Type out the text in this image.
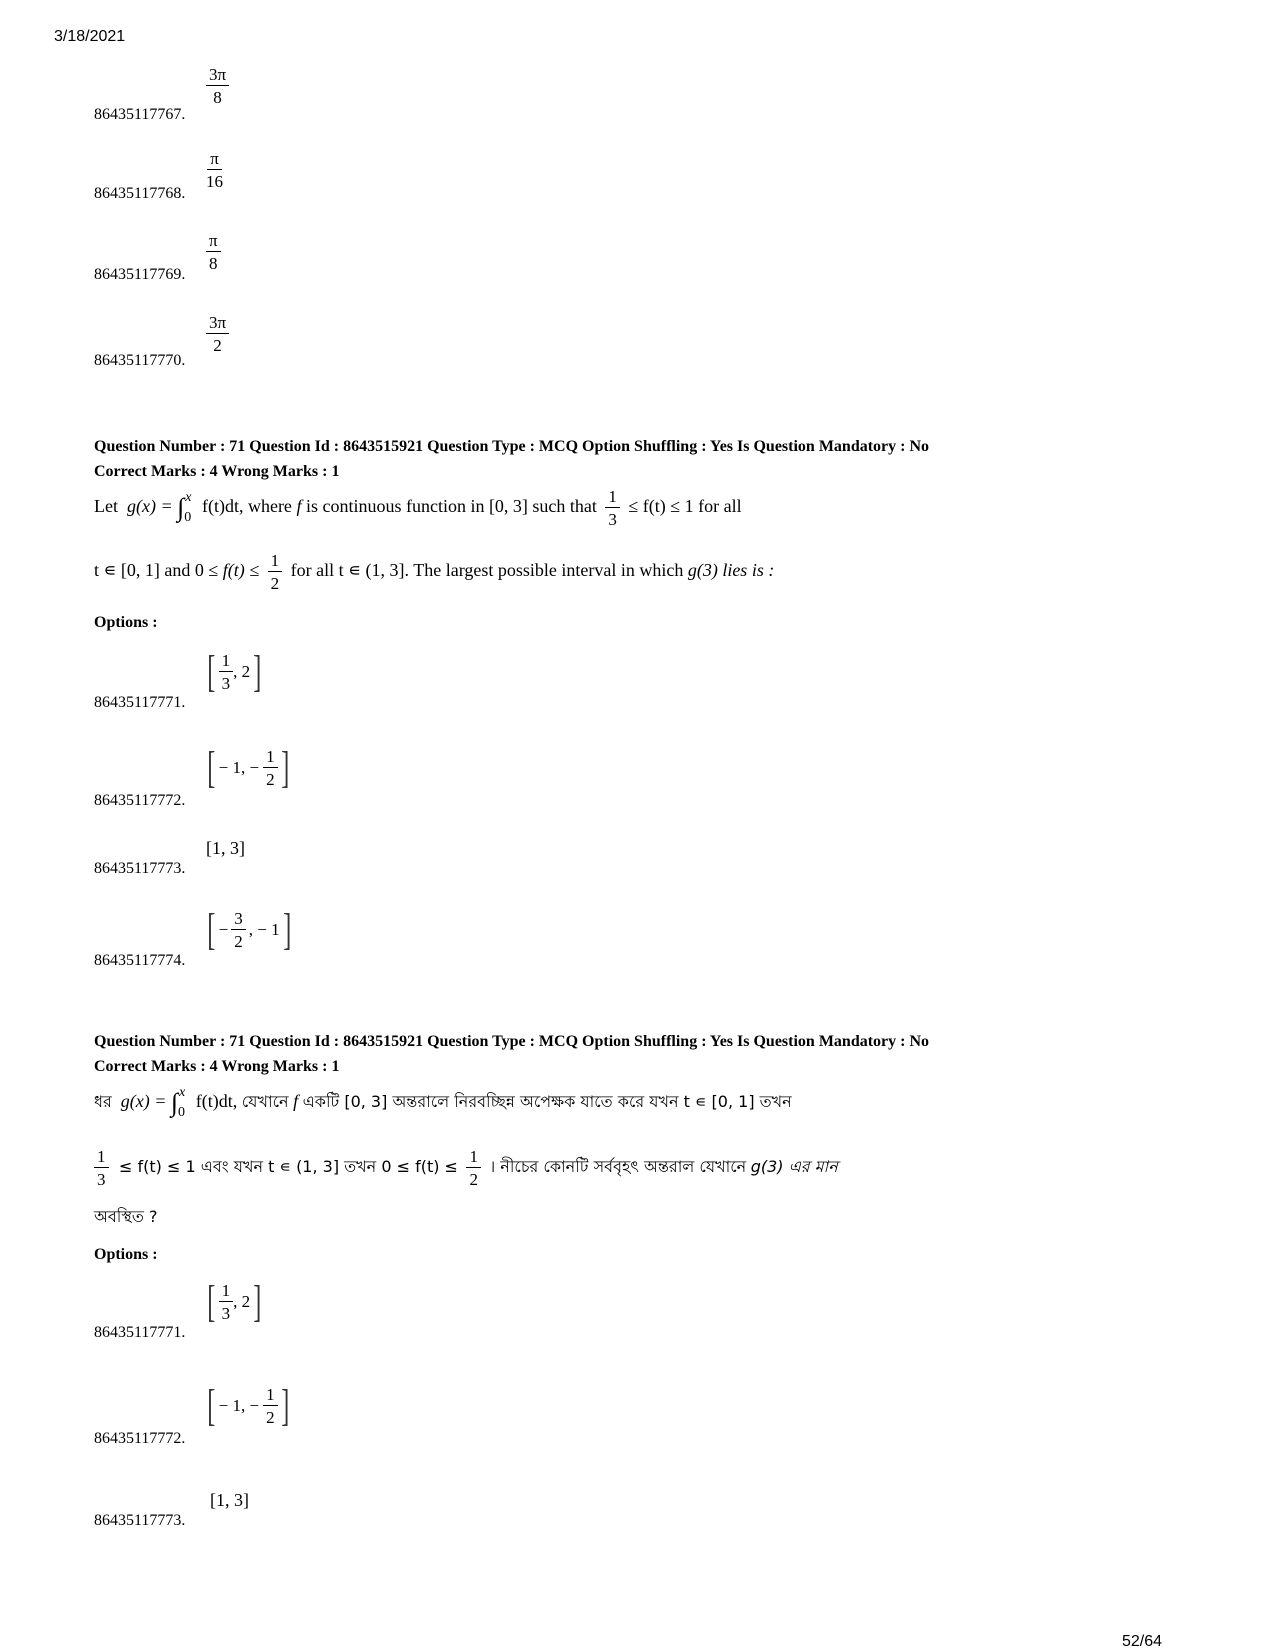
3/18/2021
52/64
86435117767.
$\frac{3\pi}{8}$
86435117768.
$\frac{\pi}{16}$
86435117769.
$\frac{\pi}{8}$
86435117770.
$\frac{3\pi}{2}$
Question Number : 71 Question Id : 8643515921 Question Type : MCQ Option Shuffling : Yes Is Question Mandatory : No
Correct Marks : 4 Wrong Marks : 1
Let $g(x) = \int_0^x$ f(t)dt, where f is continuous function in [0, 3] such that $\frac{1}{3} \le f(t) \le 1$ for all
t ∊ [0, 1] and $0 \le f(t) \le \frac{1}{2}$ for all t ∊ (1, 3]. The largest possible interval in which g(3) lies is :
Options :
86435117771.
[ $\frac{1}{3}$ , 2 ]
86435117772.
[ − 1, − $\frac{1}{2}$ ]
86435117773.
[1, 3]
86435117774.
[ − $\frac{3}{2}$ , − 1 ]
Question Number : 71 Question Id : 8643515921 Question Type : MCQ Option Shuffling : Yes Is Question Mandatory : No
Correct Marks : 4 Wrong Marks : 1
ধর $g(x) = \int_0^x$ f(t)dt, যেখানে f একটি [0, 3] অন্তরালে নিরবচ্ছিন্ন অপেক্ষক যাতে করে যখন t ∊ [0, 1] তখন
$\frac{1}{3} \le f(t) \le 1$ এবং যখন t ∊ (1, 3] তখন $0 \le f(t) \le \frac{1}{2}$ । নীচের কোনটি সর্ববৃহৎ অন্তরাল যেখানে g(3) এর মান
অবস্থিত ?
Options :
86435117771.
[ $\frac{1}{3}$ , 2 ]
86435117772.
[ − 1, − $\frac{1}{2}$ ]
86435117773.
[1, 3]
